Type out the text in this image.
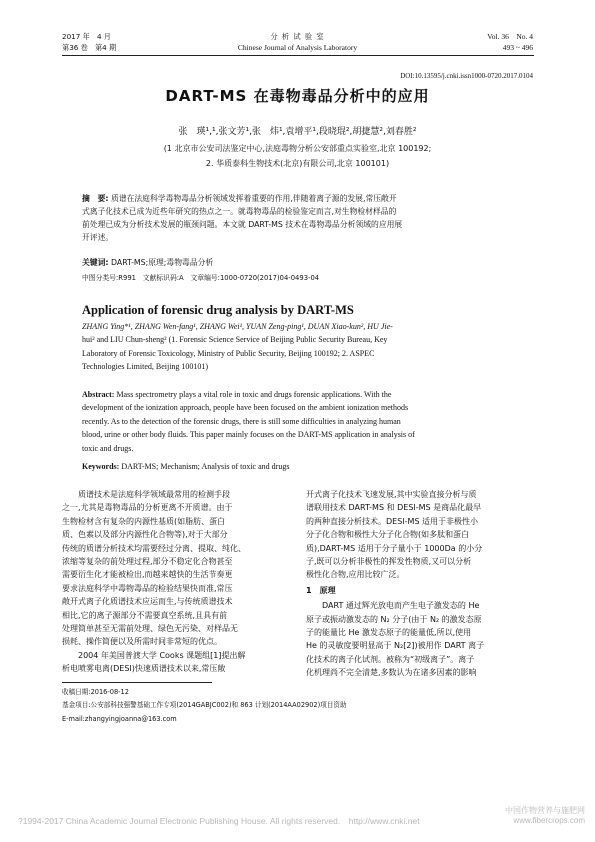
2017 年　4 月
第36 卷　第4 期
分 析 试 验 室
Chinese Journal of Analysis Laboratory
Vol. 36　No. 4
493 ~ 496
DOI:10.13595/j.cnki.issn1000-0720.2017.0104
DART-MS 在毒物毒品分析中的应用
张　瑛¹,¹,张文芳¹,张　炜¹,袁增平¹,段晓琨²,胡捷慧²,刘春胜²
(1 北京市公安司法鉴定中心,法庭毒物分析公安部重点实验室,北京 100192;
2. 华质泰科生物技术(北京)有限公司,北京 100101)
摘　要: 质谱在法庭科学毒物毒品分析领域发挥着重要的作用,伴随着离子源的发展,常压敞开
式离子化技术已成为近些年研究的热点之一。就毒物毒品的检验鉴定而言,对生物检材样品的
前处理已成为分析技术发展的瓶颈问题。本文就 DART-MS 技术在毒物毒品分析领域的应用展
开评述。
关键词: DART-MS;原理;毒物毒品分析
中图分类号:R991　文献标识码:A　文章编号:1000-0720(2017)04-0493-04
Application of forensic drug analysis by DART-MS
ZHANG Ying*¹, ZHANG Wen-fang¹, ZHANG Wei¹, YUAN Zeng-ping¹, DUAN Xiao-kun², HU Jie-
hui² and LIU Chun-sheng² (1. Forensic Science Service of Beijing Public Security Bureau, Key
Laboratory of Forensic Toxicology, Ministry of Public Security, Beijing 100192; 2. ASPEC
Technologies Limited, Beijing 100101)
Abstract: Mass spectrometry plays a vital role in toxic and drugs forensic applications. With the
development of the ionization approach, people have been focused on the ambient ionization methods
recently. As to the detection of the forensic drugs, there is still some difficulties in analyzing human
blood, urine or other body fluids. This paper mainly focuses on the DART-MS application in analysis of
toxic and drugs.
Keywords: DART-MS; Mechanism; Analysis of toxic and drugs
　　质谱技术是法庭科学领域最常用的检测手段
之一,尤其是毒物毒品的分析更离不开质谱。由于
生物检材含有复杂的内源性基质(如脂肪、蛋白
质、色素以及部分内源性化合物等),对于大部分
传统的质谱分析技术均需要经过分离、提取、纯化、
浓缩等复杂的前处理过程,部分不稳定化合物甚至
需要衍生化才能被检出,而越来越快的生活节奏更
要求法庭科学中毒物毒品的检验结果快而准,常压
敞开式离子化质谱技术应运而生,与传统质谱技术
相比,它的离子源部分不需要真空系统,且具有前
处理简单甚至无需前处理、绿色无污染、对样品无
损耗、操作简便以及所需时间非常短的优点。
　　2004 年美国普渡大学 Cooks 课题组[1]提出解
析电喷雾电离(DESI)快速质谱技术以来,常压敞
开式离子化技术飞速发展,其中实验直接分析与质
谱联用技术 DART-MS 和 DESI-MS 是商品化最早
的两种直接分析技术。DESI-MS 适用于非极性小
分子化合物和极性大分子化合物(如多肽和蛋白
质),DART-MS 适用于分子量小于 1000Da 的小分
子,既可以分析非极性的挥发性物质,又可以分析
极性化合物,应用比较广泛。
1　原理
　　DART 通过辉光放电而产生电子激发态的 He
原子或振动激发态的 N₂ 分子(由于 N₂ 的激发态原
子的能量比 He 激发态原子的能量低,所以,使用
He 的灵敏度要明显高于 N₂[2])被用作 DART 离子
化技术的离子化试剂。被称为“初级离子”。离子
化机理尚不完全清楚,多数认为在诸多因素的影响
收稿日期:2016-08-12
基金项目:公安部科技强警基础工作专项(2014GABJC002)和 863 计划(2014AA02902)项目资助
E-mail:zhangyingjoanna@163.com
?1994-2017 China Academic Journal Electronic Publishing House. All rights reserved.　http://www.cnki.net
中国作物营养与施肥网 www.fibercrops.com
